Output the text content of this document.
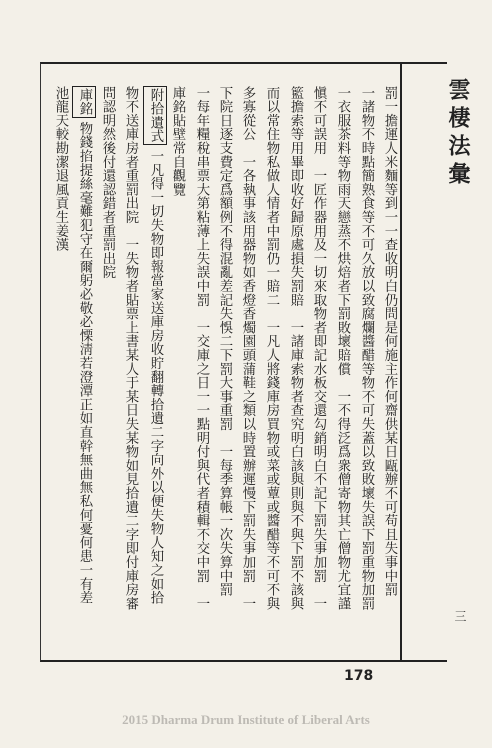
雲棲法彙
三
罰一擔運人米麵等到一一查收明白仍問是何施主作何齋供某日甌辦不可苟且失事中罰
一諸物不時點簡熟食等不可久放以致腐爛醬醋等物不可失蓋以致敗壞失誤下罰重物加罰
一衣服茶料等物雨天戀蒸不烘焙者下罰敗壞賠償　一不得泛爲衆僧寄物其亡僧物尤宜謹
愼不可誤用　一匠作器用及一切來取物者即記水板交還勾銷明白不記下罰失事加罰　一
籃擔索等用畢即收好歸原處損失罰賠　一諸庫索物者查究明白該與則與不與下罰不該與
而以常住物私做人情者中罰仍一賠二　一凡人將錢庫房買物或菜或蕈或醬醋等不可不與
多寡從公　一各執事該用器物如香燈香燭園頭蒲鞋之類以時置辦遲慢下罰失事加罰　一
下院日逐支費定爲額例不得混亂差記失悞二下罰大事重罰　一每季算帳一次失算中罰
一每年糧稅串票大第粘薄上失誤中罰　一交庫之日一一點明付與代者積輯不交中罰　一
庫銘貼壁常自觀覽
附拾遺式一凡得一切失物即報當家送庫房收貯翻轉拾遺二字向外以便失物人知之如拾
物不送庫房者重罰出院　一失物者貼票上書某人于某日失某物如見拾遺二字即付庫房審
問認明然後付還認錯者重罰出院
庫銘物錢掐提絲毫難犯守在爾躬必敬必慄淸若澄潭正如直幹無曲無私何憂何患一有差
池龍天較勘潔退風貢生姜漢
178
2015 Dharma Drum Institute of Liberal Arts
